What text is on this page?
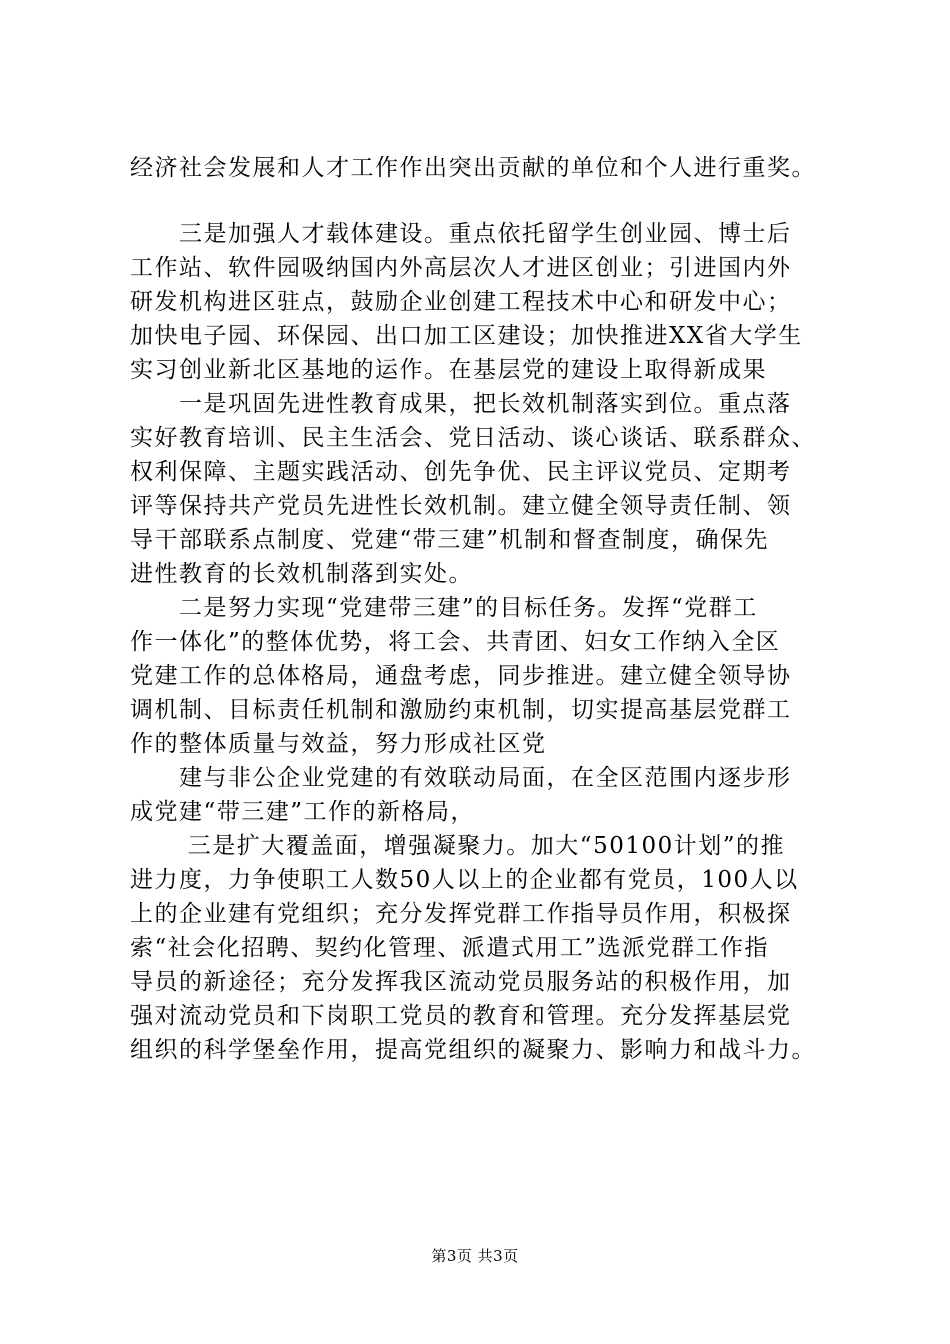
经济社会发展和人才工作作出突出贡献的单位和个人进行重奖。
　　三是加强人才载体建设。重点依托留学生创业园、博士后
工作站、软件园吸纳国内外高层次人才进区创业；引进国内外
研发机构进区驻点，鼓励企业创建工程技术中心和研发中心；
加快电子园、环保园、出口加工区建设；加快推进XX省大学生
实习创业新北区基地的运作。在基层党的建设上取得新成果
　　一是巩固先进性教育成果，把长效机制落实到位。重点落
实好教育培训、民主生活会、党日活动、谈心谈话、联系群众、
权利保障、主题实践活动、创先争优、民主评议党员、定期考
评等保持共产党员先进性长效机制。建立健全领导责任制、领
导干部联系点制度、党建“带三建”机制和督查制度，确保先
进性教育的长效机制落到实处。
　　二是努力实现“党建带三建”的目标任务。发挥“党群工
作一体化”的整体优势，将工会、共青团、妇女工作纳入全区
党建工作的总体格局，通盘考虑，同步推进。建立健全领导协
调机制、目标责任机制和激励约束机制，切实提高基层党群工
作的整体质量与效益，努力形成社区党
　　建与非公企业党建的有效联动局面，在全区范围内逐步形
成党建“带三建”工作的新格局，
　　 三是扩大覆盖面，增强凝聚力。加大“50100计划”的推
进力度，力争使职工人数50人以上的企业都有党员，100人以
上的企业建有党组织；充分发挥党群工作指导员作用，积极探
索“社会化招聘、契约化管理、派遣式用工”选派党群工作指
导员的新途径；充分发挥我区流动党员服务站的积极作用，加
强对流动党员和下岗职工党员的教育和管理。充分发挥基层党
组织的科学堡垒作用，提高党组织的凝聚力、影响力和战斗力。
第3页 共3页
